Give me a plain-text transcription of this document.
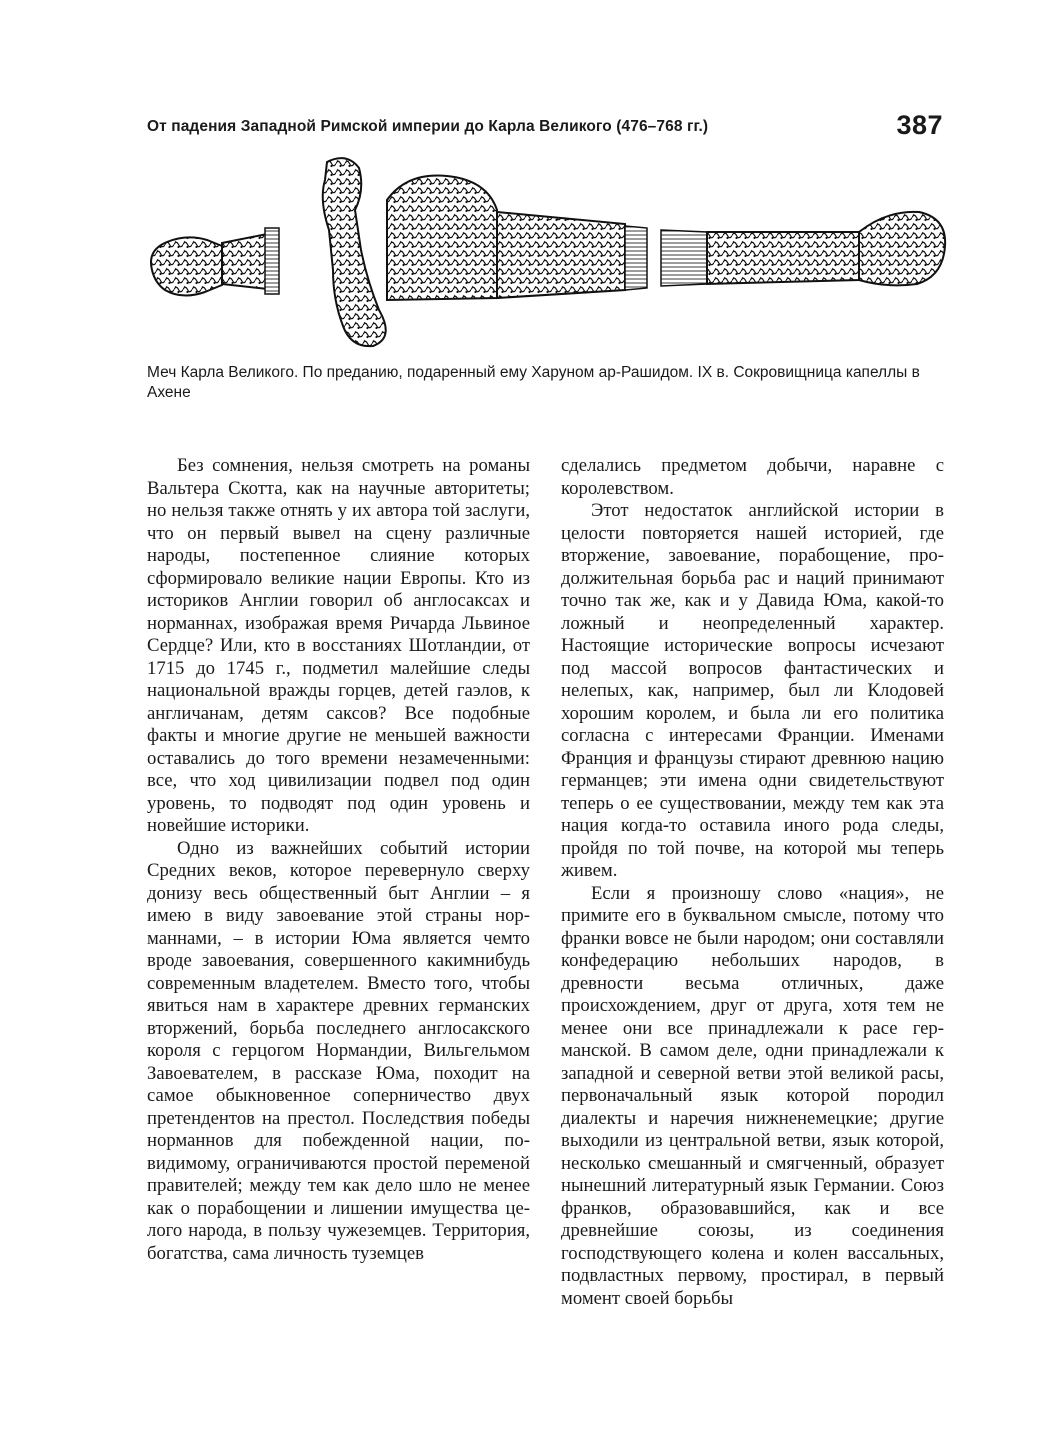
От падения Западной Римской империи до Карла Великого (476–768 гг.)	387
Меч Карла Великого. По преданию, подаренный ему Харуном ар-Рашидом. IX в. Сокровищница капеллы в Ахене

Без сомнения, нельзя смотреть на романы Вальтера Скотта, как на научные авторитеты; но нельзя также отнять у их автора той заслуги, что он первый вывел на сцену различные народы, постепенное слияние которых сформировало великие нации Европы. Кто из историков Англии говорил об англосаксах и норманнах, изображая время Ричарда Львиное Сердце? Или, кто в восстаниях Шотландии, от 1715 до 1745 г., подметил малейшие следы национальной вражды горцев, детей гаэлов, к англичанам, детям саксов? Все подобные факты и многие другие не меньшей важности оставались до того времени незамеченными: все, что ход цивилизации подвел под один уровень, то подводят под один уровень и новейшие историки.

Одно из важнейших событий истории Средних веков, которое перевернуло сверху донизу весь общественный быт Англии – я имею в виду завоевание этой страны норманнами, – в истории Юма является чемто вроде завоевания, совершенного какимнибудь современным владетелем. Вместо того, чтобы явиться нам в характере древних германских вторжений, борьба последнего англосакского короля с герцогом Нормандии, Вильгельмом Завоевателем, в рассказе Юма, походит на самое обыкновенное соперничество двух претендентов на престол. Последствия победы норманнов для побежденной нации, по-видимому, ограничиваются простой переменой правителей; между тем как дело шло не менее как о порабощении и лишении имущества целого народа, в пользу чужеземцев. Территория, богатства, сама личность туземцев

сделались предметом добычи, наравне с королевством.

Этот недостаток английской истории в целости повторяется нашей историей, где вторжение, завоевание, порабощение, продолжительная борьба рас и наций принимают точно так же, как и у Давида Юма, какой-то ложный и неопределенный характер. Настоящие исторические вопросы исчезают под массой вопросов фантастических и нелепых, как, например, был ли Клодовей хорошим королем, и была ли его политика согласна с интересами Франции. Именами Франция и французы стирают древнюю нацию германцев; эти имена одни свидетельствуют теперь о ее существовании, между тем как эта нация когда-то оставила иного рода следы, пройдя по той почве, на которой мы теперь живем.

Если я произношу слово «нация», не примите его в буквальном смысле, потому что франки вовсе не были народом; они составляли конфедерацию небольших народов, в древности весьма отличных, даже происхождением, друг от друга, хотя тем не менее они все принадлежали к расе германской. В самом деле, одни принадлежали к западной и северной ветви этой великой расы, первоначальный язык которой породил диалекты и наречия нижненемецкие; другие выходили из центральной ветви, язык которой, несколько смешанный и смягченный, образует нынешний литературный язык Германии. Союз франков, образовавшийся, как и все древнейшие союзы, из соединения господствующего колена и колен вассальных, подвластных первому, простирал, в первый момент своей борьбы
